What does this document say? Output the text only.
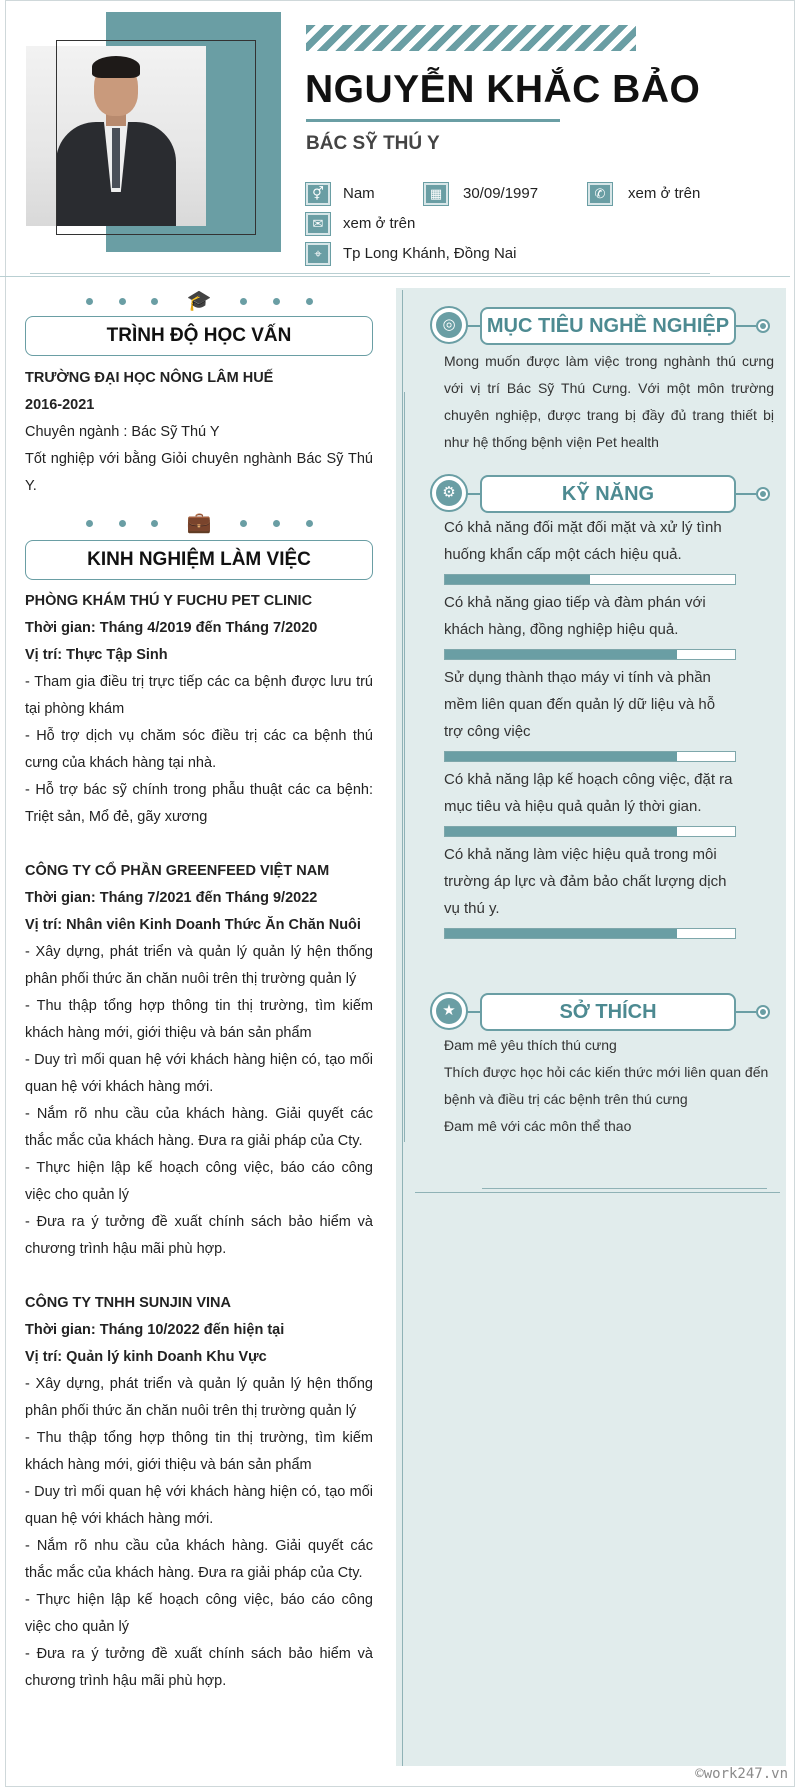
NGUYỄN KHẮC BẢO
BÁC SỸ THÚ Y
⚥	Nam	▦	30/09/1997	✆	xem ở trên
✉	xem ở trên
⌖	Tp Long Khánh, Đồng Nai
◎	MỤC TIÊU NGHỀ NGHIỆP
Mong muốn được làm việc trong nghành thú cưng với vị trí Bác Sỹ Thú Cưng. Với một môn trường chuyên nghiệp, được trang bị đầy đủ trang thiết bị như hệ thống bệnh viện Pet health
⚙	KỸ NĂNG
Có khả năng đối mặt đối mặt và xử lý tình huống khẩn cấp một cách hiệu quả.
Có khả năng giao tiếp và đàm phán với khách hàng, đồng nghiệp hiệu quả.
Sử dụng thành thạo máy vi tính và phần mềm liên quan đến quản lý dữ liệu và hỗ trợ công việc
Có khả năng lập kế hoạch công việc, đặt ra mục tiêu và hiệu quả quản lý thời gian.
Có khả năng làm việc hiệu quả trong môi trường áp lực và đảm bảo chất lượng dịch vụ thú y.
★	SỞ THÍCH
Đam mê yêu thích thú cưng
Thích được học hỏi các kiến thức mới liên quan đến bệnh và điều trị các bệnh trên thú cưng
Đam mê với các môn thể thao
🎓
TRÌNH ĐỘ HỌC VẤN
TRƯỜNG ĐẠI HỌC NÔNG LÂM HUẾ
2016-2021
Chuyên ngành : Bác Sỹ Thú Y
Tốt nghiệp với bằng Giỏi chuyên nghành Bác Sỹ Thú Y.
💼
KINH NGHIỆM LÀM VIỆC
PHÒNG KHÁM THÚ Y FUCHU PET CLINIC
Thời gian: Tháng 4/2019 đến Tháng 7/2020
Vị trí: Thực Tập Sinh
- Tham gia điều trị trực tiếp các ca bệnh được lưu trú tại phòng khám
- Hỗ trợ dịch vụ chăm sóc điều trị các ca bệnh thú cưng của khách hàng tại nhà.
- Hỗ trợ bác sỹ chính trong phẫu thuật các ca bệnh: Triệt sản, Mổ đẻ, gãy xương
CÔNG TY CỔ PHẦN GREENFEED VIỆT NAM
Thời gian: Tháng 7/2021 đến Tháng 9/2022
Vị trí: Nhân viên Kinh Doanh Thức Ăn Chăn Nuôi
- Xây dựng, phát triển và quản lý quản lý hện thống phân phối thức ăn chăn nuôi trên thị trường quản lý
- Thu thập tổng hợp thông tin thị trường, tìm kiếm khách hàng mới, giới thiệu và bán sản phẩm
- Duy trì mối quan hệ với khách hàng hiện có, tạo mối quan hệ với khách hàng mới.
- Nắm rõ nhu cầu của khách hàng. Giải quyết các thắc mắc của khách hàng. Đưa ra giải pháp của Cty.
- Thực hiện lập kế hoạch công việc, báo cáo công việc cho quản lý
- Đưa ra ý tưởng đề xuất chính sách bảo hiểm và chương trình hậu mãi phù hợp.
CÔNG TY TNHH SUNJIN VINA
Thời gian: Tháng 10/2022 đến hiện tại
Vị trí: Quản lý kinh Doanh Khu Vực
- Xây dựng, phát triển và quản lý quản lý hện thống phân phối thức ăn chăn nuôi trên thị trường quản lý
- Thu thập tổng hợp thông tin thị trường, tìm kiếm khách hàng mới, giới thiệu và bán sản phẩm
- Duy trì mối quan hệ với khách hàng hiện có, tạo mối quan hệ với khách hàng mới.
- Nắm rõ nhu cầu của khách hàng. Giải quyết các thắc mắc của khách hàng. Đưa ra giải pháp của Cty.
- Thực hiện lập kế hoạch công việc, báo cáo công việc cho quản lý
- Đưa ra ý tưởng đề xuất chính sách bảo hiểm và chương trình hậu mãi phù hợp.
©work247.vn
